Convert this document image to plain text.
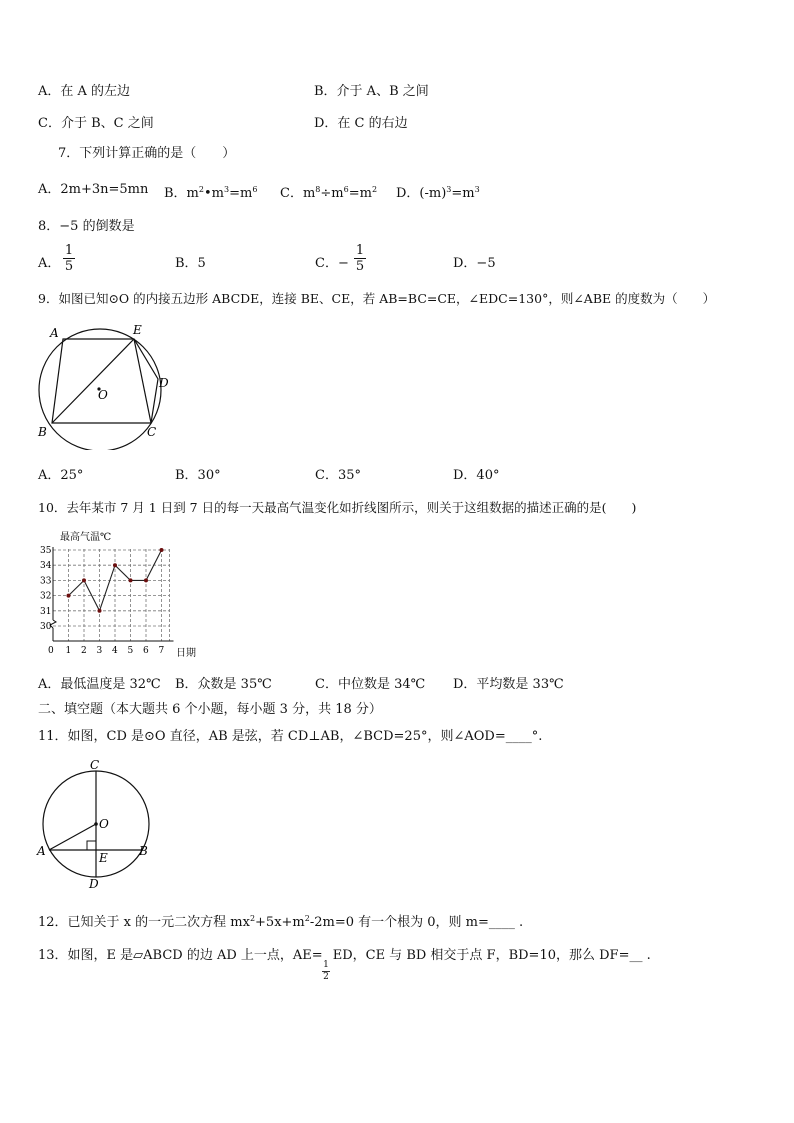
A．在 A 的左边	B．介于 A、B 之间
C．介于 B、C 之间	D．在 C 的右边
7．下列计算正确的是（　　）
A．2m+3n=5mn B．$m^2•m^3=m^6$ C．$m^8\div m^6=m^2$ D．$(-m)^3=m^3$
8．−5 的倒数是
A．
1
5	B．5	C．−
1
5	D．−5
9．如图已知⊙O 的内接五边形 ABCDE，连接 BE、CE，若 AB=BC=CE，∠EDC=130°，则∠ABE 的度数为（　　）
A	E
D
O
B	C
A．25°	B．30°	C．35°	D．40°
10．去年某市 7 月 1 日到 7 日的每一天最高气温变化如折线图所示，则关于这组数据的描述正确的是(　　)
最高气温℃
日期
30
31
32
33
34
35
0 1 2 3 4 5 6 7
A．最低温度是 32℃ B．众数是 35℃	C．中位数是 34℃ D．平均数是 33℃
二、填空题（本大题共 6 个小题，每小题 3 分，共 18 分）
11．如图，CD 是⊙O 直径，AB 是弦，若 CD⊥AB，∠BCD=25°，则∠AOD=____°.
C
O
A	B
E
D
12．已知关于 x 的一元二次方程 $mx^2+5x+m^2-2m=0$ 有一个根为 0，则 m=____ .
13．如图，E 是▱ABCD 的边 AD 上一点，AE= ED，CE 与 BD 相交于点 F，BD=10，那么 DF=__ .
1
2
